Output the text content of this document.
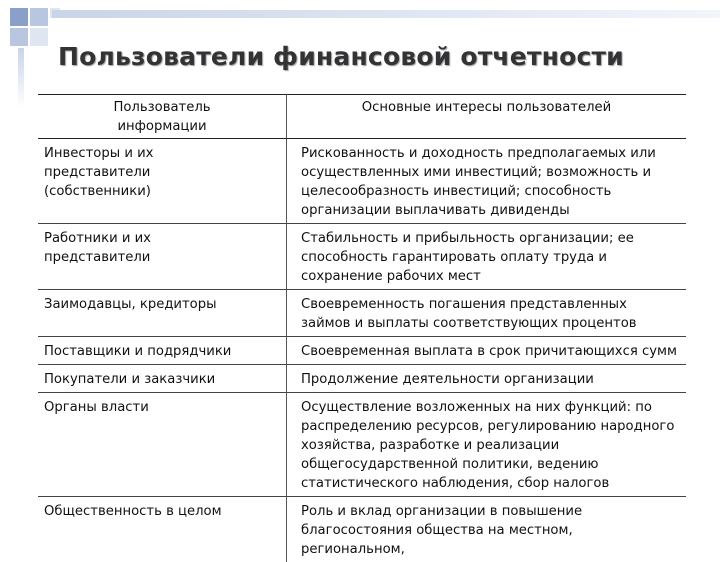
Пользователи финансовой отчетности
Пользователь информации	Основные интересы пользователей
Инвесторы и их представители (собственники)	Рискованность и доходность предполагаемых или осуществленных ими инвестиций; возможность и целесообразность инвестиций; способность организации выплачивать дивиденды
Работники и их представители	Стабильность и прибыльность организации; ее способность гарантировать оплату труда и сохранение рабочих мест
Заимодавцы, кредиторы	Своевременность погашения представленных займов и выплаты соответствующих процентов
Поставщики и подрядчики	Своевременная выплата в срок причитающихся сумм
Покупатели и заказчики	Продолжение деятельности организации
Органы власти	Осуществление возложенных на них функций: по распределению ресурсов, регулированию народного хозяйства, разработке и реализации общегосударственной политики, ведению статистического наблюдения, сбор налогов
Общественность в целом	Роль и вклад организации в повышение благосостояния общества на местном, региональном,
